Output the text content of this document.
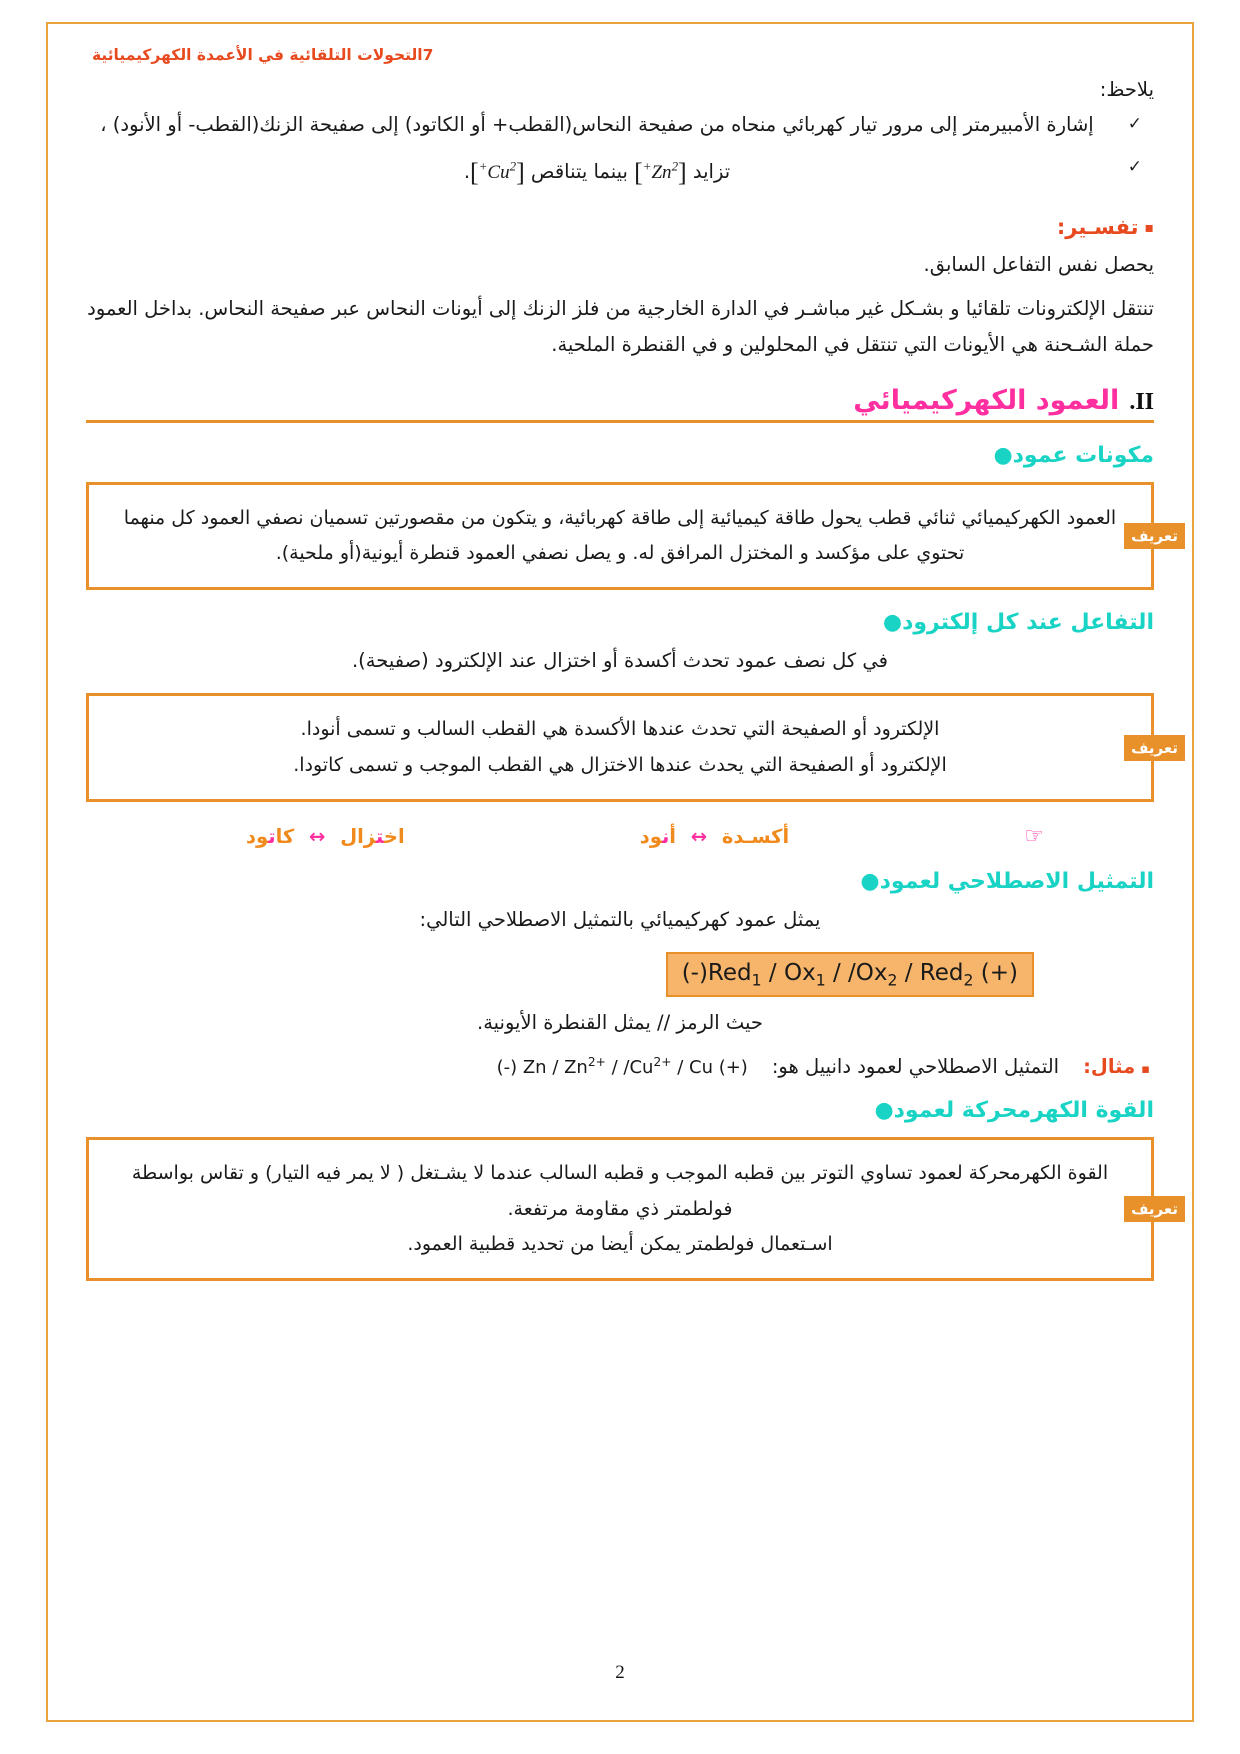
7التحولات التلقائية في الأعمدة الكهركيميائية
يلاحظ:
✓
إشارة الأمبيرمتر إلى مرور تيار كهربائي منحاه من صفيحة النحاس(القطب+ أو الكاتود) إلى صفيحة الزنك(القطب- أو الأنود) ،
✓
تزايد $[Zn^{2+}]$ بينما يتناقص $[Cu^{2+}]$.
▪تفسـير:
يحصل نفس التفاعل السابق.
تنتقل الإلكترونات تلقائيا و بشـكل غير مباشـر في الدارة الخارجية من فلز الزنك إلى أيونات النحاس عبر صفيحة النحاس. بداخل العمود حملة الشـحنة هي الأيونات التي تنتقل في المحلولين و في القنطرة الملحية.
II.
العمود الكهركيميائي
مكونات عمود●
تعريف
العمود الكهركيميائي ثنائي قطب يحول طاقة كيميائية إلى طاقة كهربائية، و يتكون من مقصورتين تسميان نصفي العمود كل منهما تحتوي على مؤكسد و المختزل المرافق له. و يصل نصفي العمود قنطرة أيونية(أو ملحية).
التفاعل عند كل إلكترود●
في كل نصف عمود تحدث أكسدة أو اختزال عند الإلكترود (صفيحة).
تعريف
الإلكترود أو الصفيحة التي تحدث عندها الأكسدة هي القطب السالب و تسمى أنودا.
الإلكترود أو الصفيحة التي يحدث عندها الاختزال هي القطب الموجب و تسمى كاتودا.
☞
أكسـدة ↔ أنود
اختزال ↔ كاتود
التمثيل الاصطلاحي لعمود●
يمثل عمود كهركيميائي بالتمثيل الاصطلاحي التالي:
$(-)Red_1 / Ox_1 / /Ox_2 / Red_2$ (+)
حيث الرمز // يمثل القنطرة الأيونية.
▪مثال:
التمثيل الاصطلاحي لعمود دانييل هو:
(-) Zn / $Zn^{2+} / /Cu^{2+}$ / Cu (+)
القوة الكهرمحركة لعمود●
تعريف
القوة الكهرمحركة لعمود تساوي التوتر بين قطبه الموجب و قطبه السالب عندما لا يشـتغل ( لا يمر فيه التيار) و تقاس بواسطة فولطمتر ذي مقاومة مرتفعة.
اسـتعمال فولطمتر يمكن أيضا من تحديد قطبية العمود.
2
